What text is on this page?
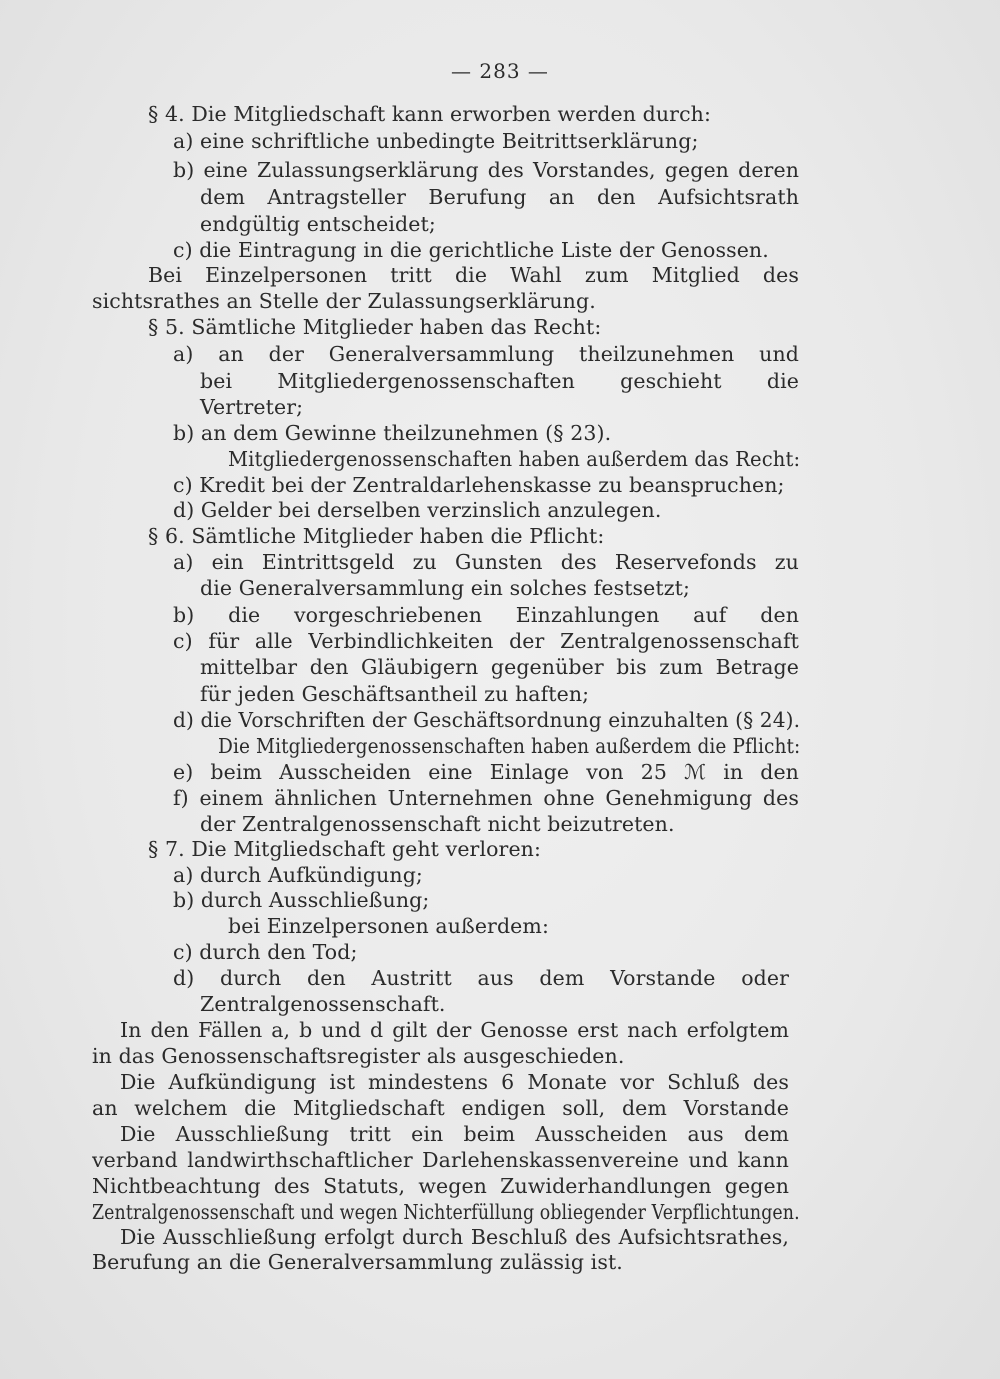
— 283 —
§ 4. Die Mitgliedschaft kann erworben werden durch:
a) eine schriftliche unbedingte Beitrittserklärung;
b) eine Zulassungserklärung des Vorstandes, gegen deren
dem Antragsteller Berufung an den Aufsichtsrath
endgültig entscheidet;
c) die Eintragung in die gerichtliche Liste der Genossen.
Bei Einzelpersonen tritt die Wahl zum Mitglied des
sichtsrathes an Stelle der Zulassungserklärung.
§ 5. Sämtliche Mitglieder haben das Recht:
a) an der Generalversammlung theilzunehmen und
bei Mitgliedergenossenschaften geschieht die
Vertreter;
b) an dem Gewinne theilzunehmen (§ 23).
Mitgliedergenossenschaften haben außerdem das Recht:
c) Kredit bei der Zentraldarlehenskasse zu beanspruchen;
d) Gelder bei derselben verzinslich anzulegen.
§ 6. Sämtliche Mitglieder haben die Pflicht:
a) ein Eintrittsgeld zu Gunsten des Reservefonds zu
die Generalversammlung ein solches festsetzt;
b) die vorgeschriebenen Einzahlungen auf den
c) für alle Verbindlichkeiten der Zentralgenossenschaft
mittelbar den Gläubigern gegenüber bis zum Betrage
für jeden Geschäftsantheil zu haften;
d) die Vorschriften der Geschäftsordnung einzuhalten (§ 24).
Die Mitgliedergenossenschaften haben außerdem die Pflicht:
e) beim Ausscheiden eine Einlage von 25 ℳ in den
f) einem ähnlichen Unternehmen ohne Genehmigung des
der Zentralgenossenschaft nicht beizutreten.
§ 7. Die Mitgliedschaft geht verloren:
a) durch Aufkündigung;
b) durch Ausschließung;
bei Einzelpersonen außerdem:
c) durch den Tod;
d) durch den Austritt aus dem Vorstande oder
Zentralgenossenschaft.
In den Fällen a, b und d gilt der Genosse erst nach erfolgtem
in das Genossenschaftsregister als ausgeschieden.
Die Aufkündigung ist mindestens 6 Monate vor Schluß des
an welchem die Mitgliedschaft endigen soll, dem Vorstande
Die Ausschließung tritt ein beim Ausscheiden aus dem
verband landwirthschaftlicher Darlehenskassenvereine und kann
Nichtbeachtung des Statuts, wegen Zuwiderhandlungen gegen
Zentralgenossenschaft und wegen Nichterfüllung obliegender Verpflichtungen.
Die Ausschließung erfolgt durch Beschluß des Aufsichtsrathes,
Berufung an die Generalversammlung zulässig ist.
